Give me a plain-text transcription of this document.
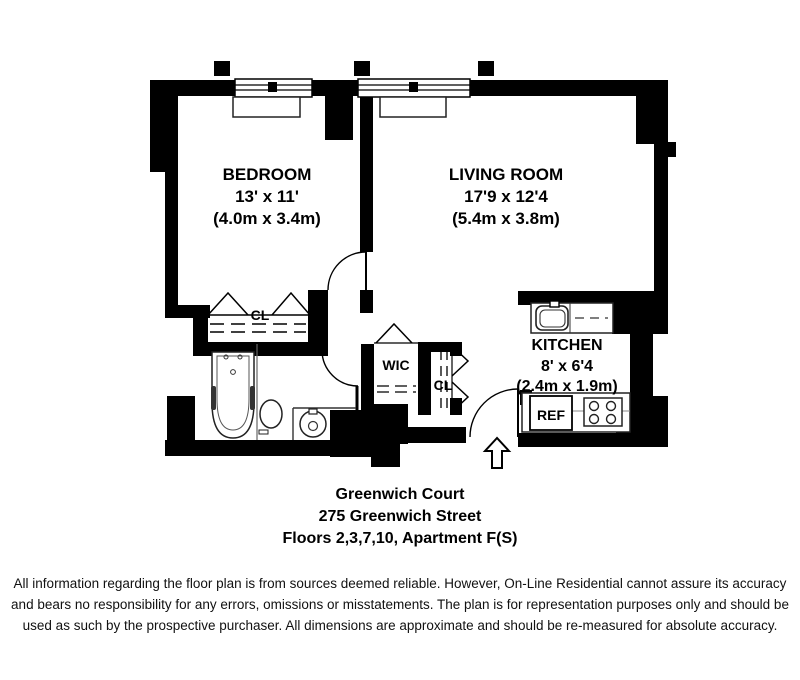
BEDROOM
13' x 11'
(4.0m x 3.4m)
LIVING ROOM
17'9 x 12'4
(5.4m x 3.8m)
KITCHEN
8' x 6'4
(2.4m x 1.9m)
CL
WIC
CL
REF
Greenwich Court
275 Greenwich Street
Floors 2,3,7,10, Apartment F(S)
All information regarding the floor plan is from sources deemed reliable. However, On-Line Residential cannot assure its accuracy
and bears no responsibility for any errors, omissions or misstatements. The plan is for representation purposes only and should be
used as such by the prospective purchaser. All dimensions are approximate and should be re-measured for absolute accuracy.
